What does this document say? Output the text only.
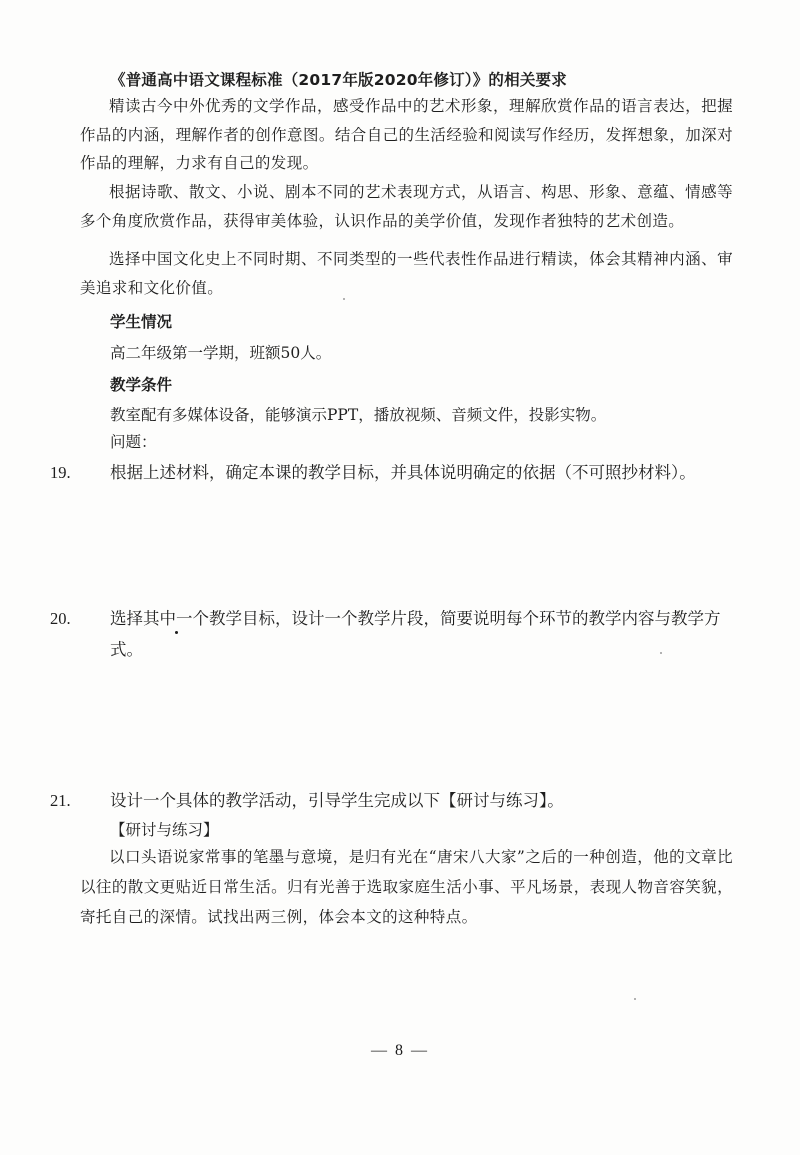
《普通高中语文课程标准（2017年版2020年修订）》的相关要求

精读古今中外优秀的文学作品，感受作品中的艺术形象，理解欣赏作品的语言表达，把握作品的内涵，理解作者的创作意图。结合自己的生活经验和阅读写作经历，发挥想象，加深对作品的理解，力求有自己的发现。

根据诗歌、散文、小说、剧本不同的艺术表现方式，从语言、构思、形象、意蕴、情感等多个角度欣赏作品，获得审美体验，认识作品的美学价值，发现作者独特的艺术创造。

选择中国文化史上不同时期、不同类型的一些代表性作品进行精读，体会其精神内涵、审美追求和文化价值。

学生情况
高二年级第一学期，班额50人。
教学条件
教室配有多媒体设备，能够演示PPT，播放视频、音频文件，投影实物。
问题：

19. 根据上述材料，确定本课的教学目标，并具体说明确定的依据（不可照抄材料）。

20. 选择其中一个教学目标，设计一个教学片段，简要说明每个环节的教学内容与教学方式。

21. 设计一个具体的教学活动，引导学生完成以下【研讨与练习】。

【研讨与练习】

以口头语说家常事的笔墨与意境，是归有光在“唐宋八大家”之后的一种创造，他的文章比以往的散文更贴近日常生活。归有光善于选取家庭生活小事、平凡场景，表现人物音容笑貌，寄托自己的深情。试找出两三例，体会本文的这种特点。

— 8 —
